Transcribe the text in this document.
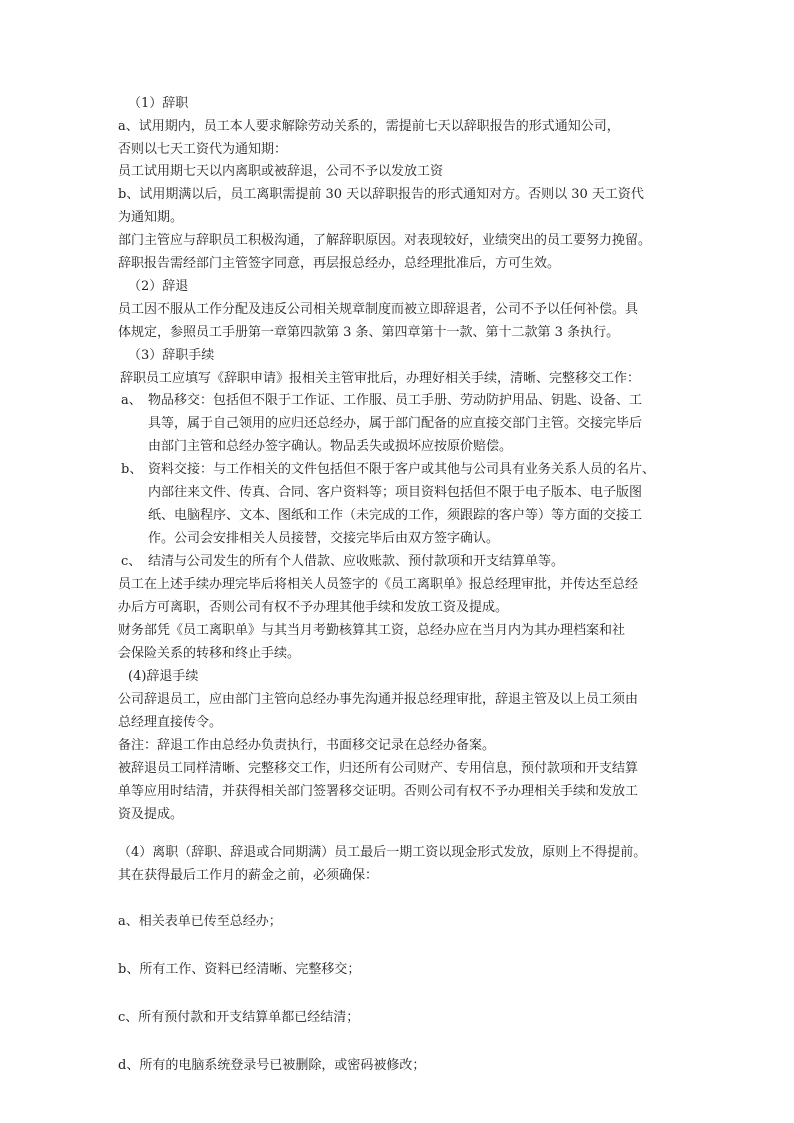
（1）辞职
a、试用期内，员工本人要求解除劳动关系的，需提前七天以辞职报告的形式通知公司，
否则以七天工资代为通知期：
员工试用期七天以内离职或被辞退，公司不予以发放工资
b、试用期满以后，员工离职需提前 30 天以辞职报告的形式通知对方。否则以 30 天工资代
为通知期。
部门主管应与辞职员工积极沟通，了解辞职原因。对表现较好，业绩突出的员工要努力挽留。
辞职报告需经部门主管签字同意，再层报总经办，总经理批准后，方可生效。
（2）辞退
员工因不服从工作分配及违反公司相关规章制度而被立即辞退者，公司不予以任何补偿。具
体规定，参照员工手册第一章第四款第 3 条、第四章第十一款、第十二款第 3 条执行。
（3）辞职手续
辞职员工应填写《辞职申请》报相关主管审批后，办理好相关手续，清晰、完整移交工作：
a、 物品移交：包括但不限于工作证、工作服、员工手册、劳动防护用品、钥匙、设备、工
具等，属于自己领用的应归还总经办，属于部门配备的应直接交部门主管。交接完毕后
由部门主管和总经办签字确认。物品丢失或损坏应按原价赔偿。
b、 资料交接：与工作相关的文件包括但不限于客户或其他与公司具有业务关系人员的名片、
内部往来文件、传真、合同、客户资料等；项目资料包括但不限于电子版本、电子版图
纸、电脑程序、文本、图纸和工作（未完成的工作，须跟踪的客户等）等方面的交接工
作。公司会安排相关人员接替，交接完毕后由双方签字确认。
c、 结清与公司发生的所有个人借款、应收账款、预付款项和开支结算单等。
员工在上述手续办理完毕后将相关人员签字的《员工离职单》报总经理审批，并传达至总经
办后方可离职，否则公司有权不予办理其他手续和发放工资及提成。
财务部凭《员工离职单》与其当月考勤核算其工资，总经办应在当月内为其办理档案和社
会保险关系的转移和终止手续。
(4)辞退手续
公司辞退员工，应由部门主管向总经办事先沟通并报总经理审批，辞退主管及以上员工须由
总经理直接传令。
备注：辞退工作由总经办负责执行，书面移交记录在总经办备案。
被辞退员工同样清晰、完整移交工作，归还所有公司财产、专用信息，预付款项和开支结算
单等应用时结清，并获得相关部门签署移交证明。否则公司有权不予办理相关手续和发放工
资及提成。
（4）离职（辞职、辞退或合同期满）员工最后一期工资以现金形式发放，原则上不得提前。
其在获得最后工作月的薪金之前，必须确保：
a、相关表单已传至总经办；
b、所有工作、资料已经清晰、完整移交；
c、所有预付款和开支结算单都已经结清；
d、所有的电脑系统登录号已被删除，或密码被修改；
